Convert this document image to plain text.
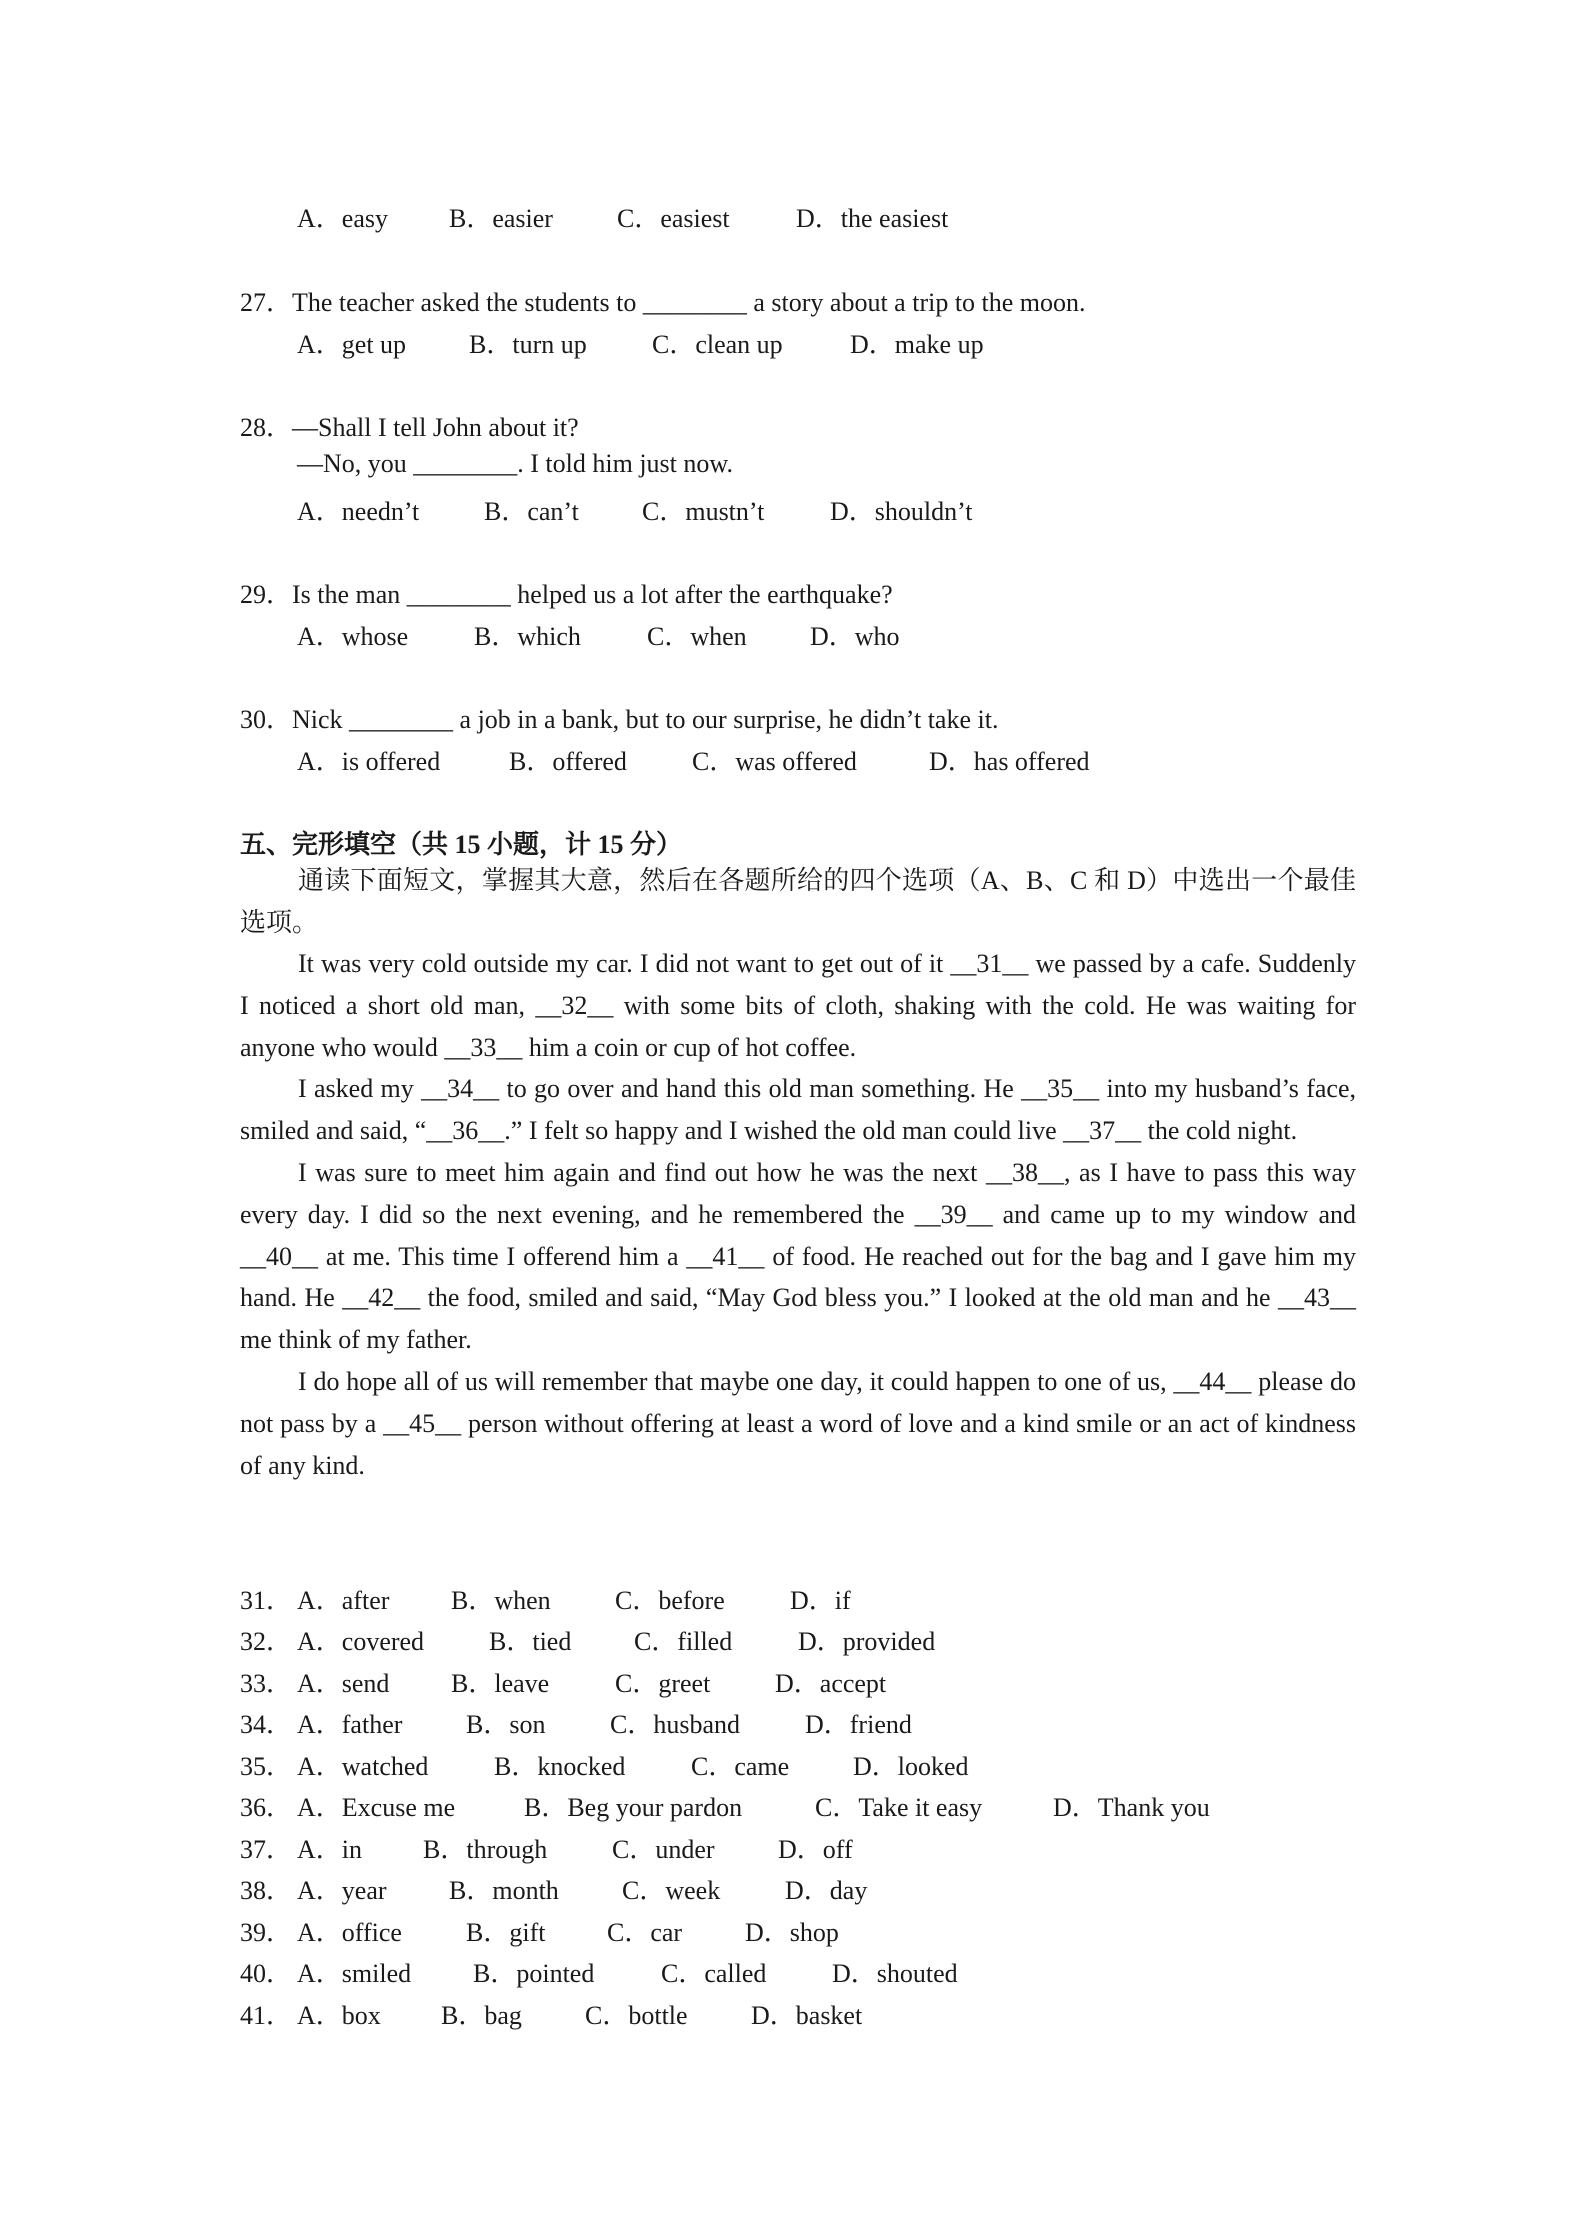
A．easy B．easier C．easiest	D．the easiest
27．The teacher asked the students to ________ a story about a trip to the moon.
A．get up B．turn up	C．clean up	D．make up
28．—Shall I tell John about it?
—No, you ________. I told him just now.
A．needn’t B．can’t C．mustn’t	D．shouldn’t
29．Is the man ________ helped us a lot after the earthquake?
A．whose	B．which	C．when D．who
30．Nick ________ a job in a bank, but to our surprise, he didn’t take it.
A．is offered	B．offered	C．was offered	D．has offered
五、完形填空（共 15 小题，计 15 分）
通读下面短文，掌握其大意，然后在各题所给的四个选项（A、B、C 和 D）中选出一个最佳选项。

It was very cold outside my car. I did not want to get out of it __31__ we passed by a cafe. Suddenly I noticed a short old man, __32__ with some bits of cloth, shaking with the cold. He was waiting for anyone who would __33__ him a coin or cup of hot coffee.

I asked my __34__ to go over and hand this old man something. He __35__ into my husband’s face, smiled and said, “__36__.” I felt so happy and I wished the old man could live __37__ the cold night.

I was sure to meet him again and find out how he was the next __38__, as I have to pass this way every day. I did so the next evening, and he remembered the __39__ and came up to my window and __40__ at me. This time I offerend him a __41__ of food. He reached out for the bag and I gave him my hand. He __42__ the food, smiled and said, “May God bless you.” I looked at the old man and he __43__ me think of my father.

I do hope all of us will remember that maybe one day, it could happen to one of us, __44__ please do not pass by a __45__ person without offering at least a word of love and a kind smile or an act of kindness of any kind.

31． A．after B．when C．before	D．if
32． A．covered B．tied C．filled	D．provided
33． A．send B．leave	C．greet D．accept
34． A．father B．son C．husband D．friend
35． A．watched	B．knocked	C．came D．looked
36． A．Excuse me	B．Beg your pardon	C．Take it easy	D．Thank you
37． A．in B．through C．under D．off
38． A．year B．month C．week D．day
39． A．office B．gift C．car D．shop
40． A．smiled B．pointed	C．called	D．shouted
41． A．box B．bag C．bottle D．basket
